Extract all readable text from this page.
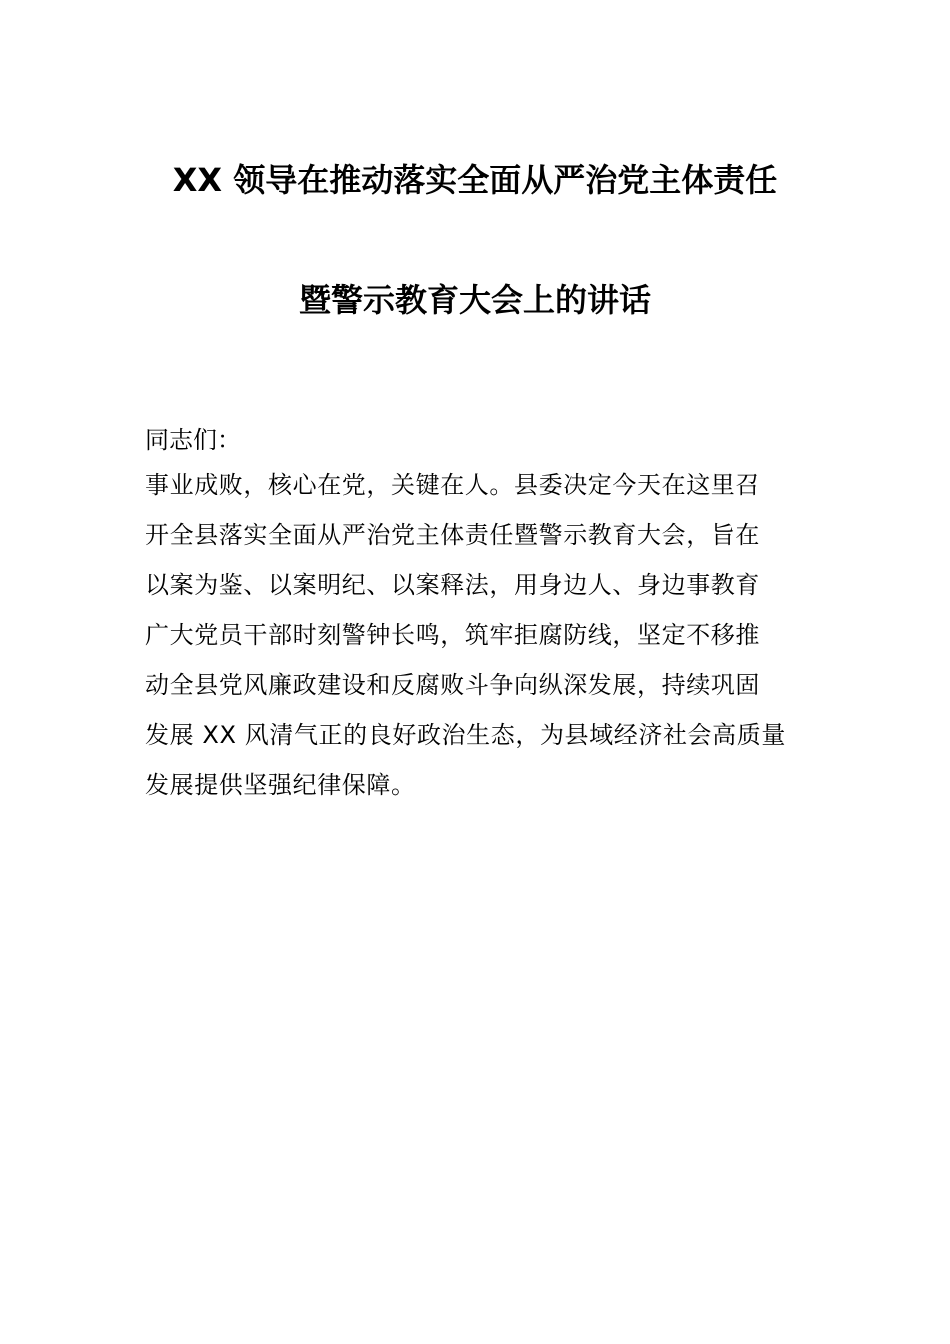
XX 领导在推动落实全面从严治党主体责任
暨警示教育大会上的讲话
同志们：
事业成败，核心在党，关键在人。县委决定今天在这里召
开全县落实全面从严治党主体责任暨警示教育大会，旨在
以案为鉴、以案明纪、以案释法，用身边人、身边事教育
广大党员干部时刻警钟长鸣，筑牢拒腐防线，坚定不移推
动全县党风廉政建设和反腐败斗争向纵深发展，持续巩固
发展 XX 风清气正的良好政治生态，为县域经济社会高质量
发展提供坚强纪律保障。
